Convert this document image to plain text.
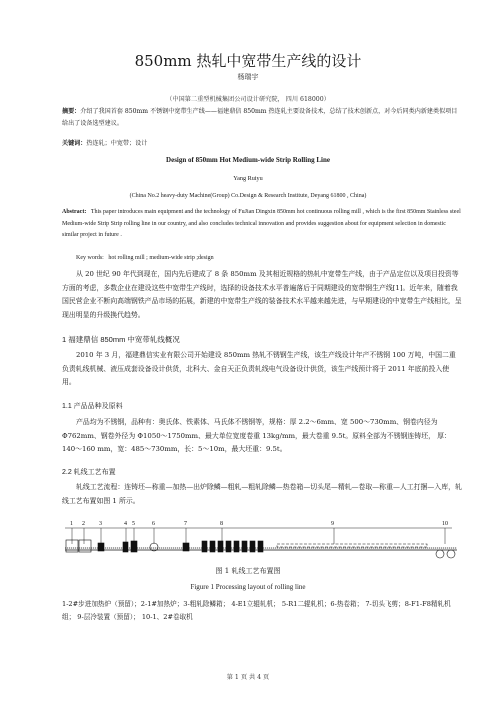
850mm 热轧中宽带生产线的设计
杨瑞宇
（中国第二重型机械集团公司设计研究院， 四川 618000）
摘要：介绍了我国首套 850mm 不锈钢中宽带生产线——福建鼎信 850mm 热连轧主要设备技术，总结了技术创新点，对今后同类内新建类似项目给出了设备选型建议。
关键词：热连轧；中宽带；设计
Design of 850mm Hot Medium-wide Strip Rolling Line
Yang Ruiyu
(China No.2 heavy-duty Machine(Group) Co.Design & Research Institute, Deyang 61800 , China)
Abstract: This paper introduces main equipment and the technology of FuJian Dingxin 850mm hot continuous rolling mill , which is the first 850mm Stainless steel Medium-wide Strip Strip rolling line in our country, and also concludes technical innovation and provides suggestion about for equipment selection in domestic similar project in future .
Key words: hot rolling mill ; medium-wide strip ;design
从 20 世纪 90 年代到现在，国内先后建成了 8 条 850mm 及其相近规格的热轧中宽带生产线，由于产品定位以及项目投资等方面的考虑，多数企业在建设这些中宽带生产线时，选择的设备技术水平普遍落后于同期建设的宽带钢生产线[1]。近年来，随着我国民营企业不断向高端钢铁产品市场的拓展，新建的中宽带生产线的装备技术水平越来越先进，与早期建设的中宽带生产线相比，呈现出明显的升级换代趋势。
1 福建鼎信 850mm 中宽带轧线概况
2010 年 3 月，福建鼎信实业有限公司开始建设 850mm 热轧不锈钢生产线，该生产线设计年产不锈钢 100 万吨，中国二重负责轧线机械、液压成套设备设计供货，北科大、金自天正负责轧线电气设备设计供货，该生产线预计将于 2011 年底前投入使用。
1.1 产品品种及原料
产品均为不锈钢，品种有：奥氏体、铁素体、马氏体不锈钢等，规格：厚 2.2～6mm、宽 500～730mm、钢卷内径为 Φ762mm、钢卷外径为 Φ1050～1750mm、最大单位宽度卷重 13kg/mm，最大卷重 9.5t。原料全部为不锈钢连铸坯， 厚：140～160 mm，宽：485～730mm，长：5～10m，最大坯重：9.5t。
2.2 轧线工艺布置
轧线工艺流程：连铸坯—称重—加热—出炉除鳞—粗轧—粗轧除鳞—热卷箱—切头尾—精轧—卷取—称重—人工打捆—入库，轧线工艺布置如图 1 所示。
1 2 3	4 5	6	7	8	9	10
图 1 轧线工艺布置图
Figure 1 Processing layout of rolling line
1-2#步进加热炉（预留）；2-1#加热炉；3-粗轧除鳞箱； 4-E1立辊轧机； 5-R1二辊轧机；6-热卷箱； 7-切头飞剪；8-F1-F8精轧机组； 9-层冷装置（预留）； 10-1、2#卷取机
第 1 页 共 4 页
